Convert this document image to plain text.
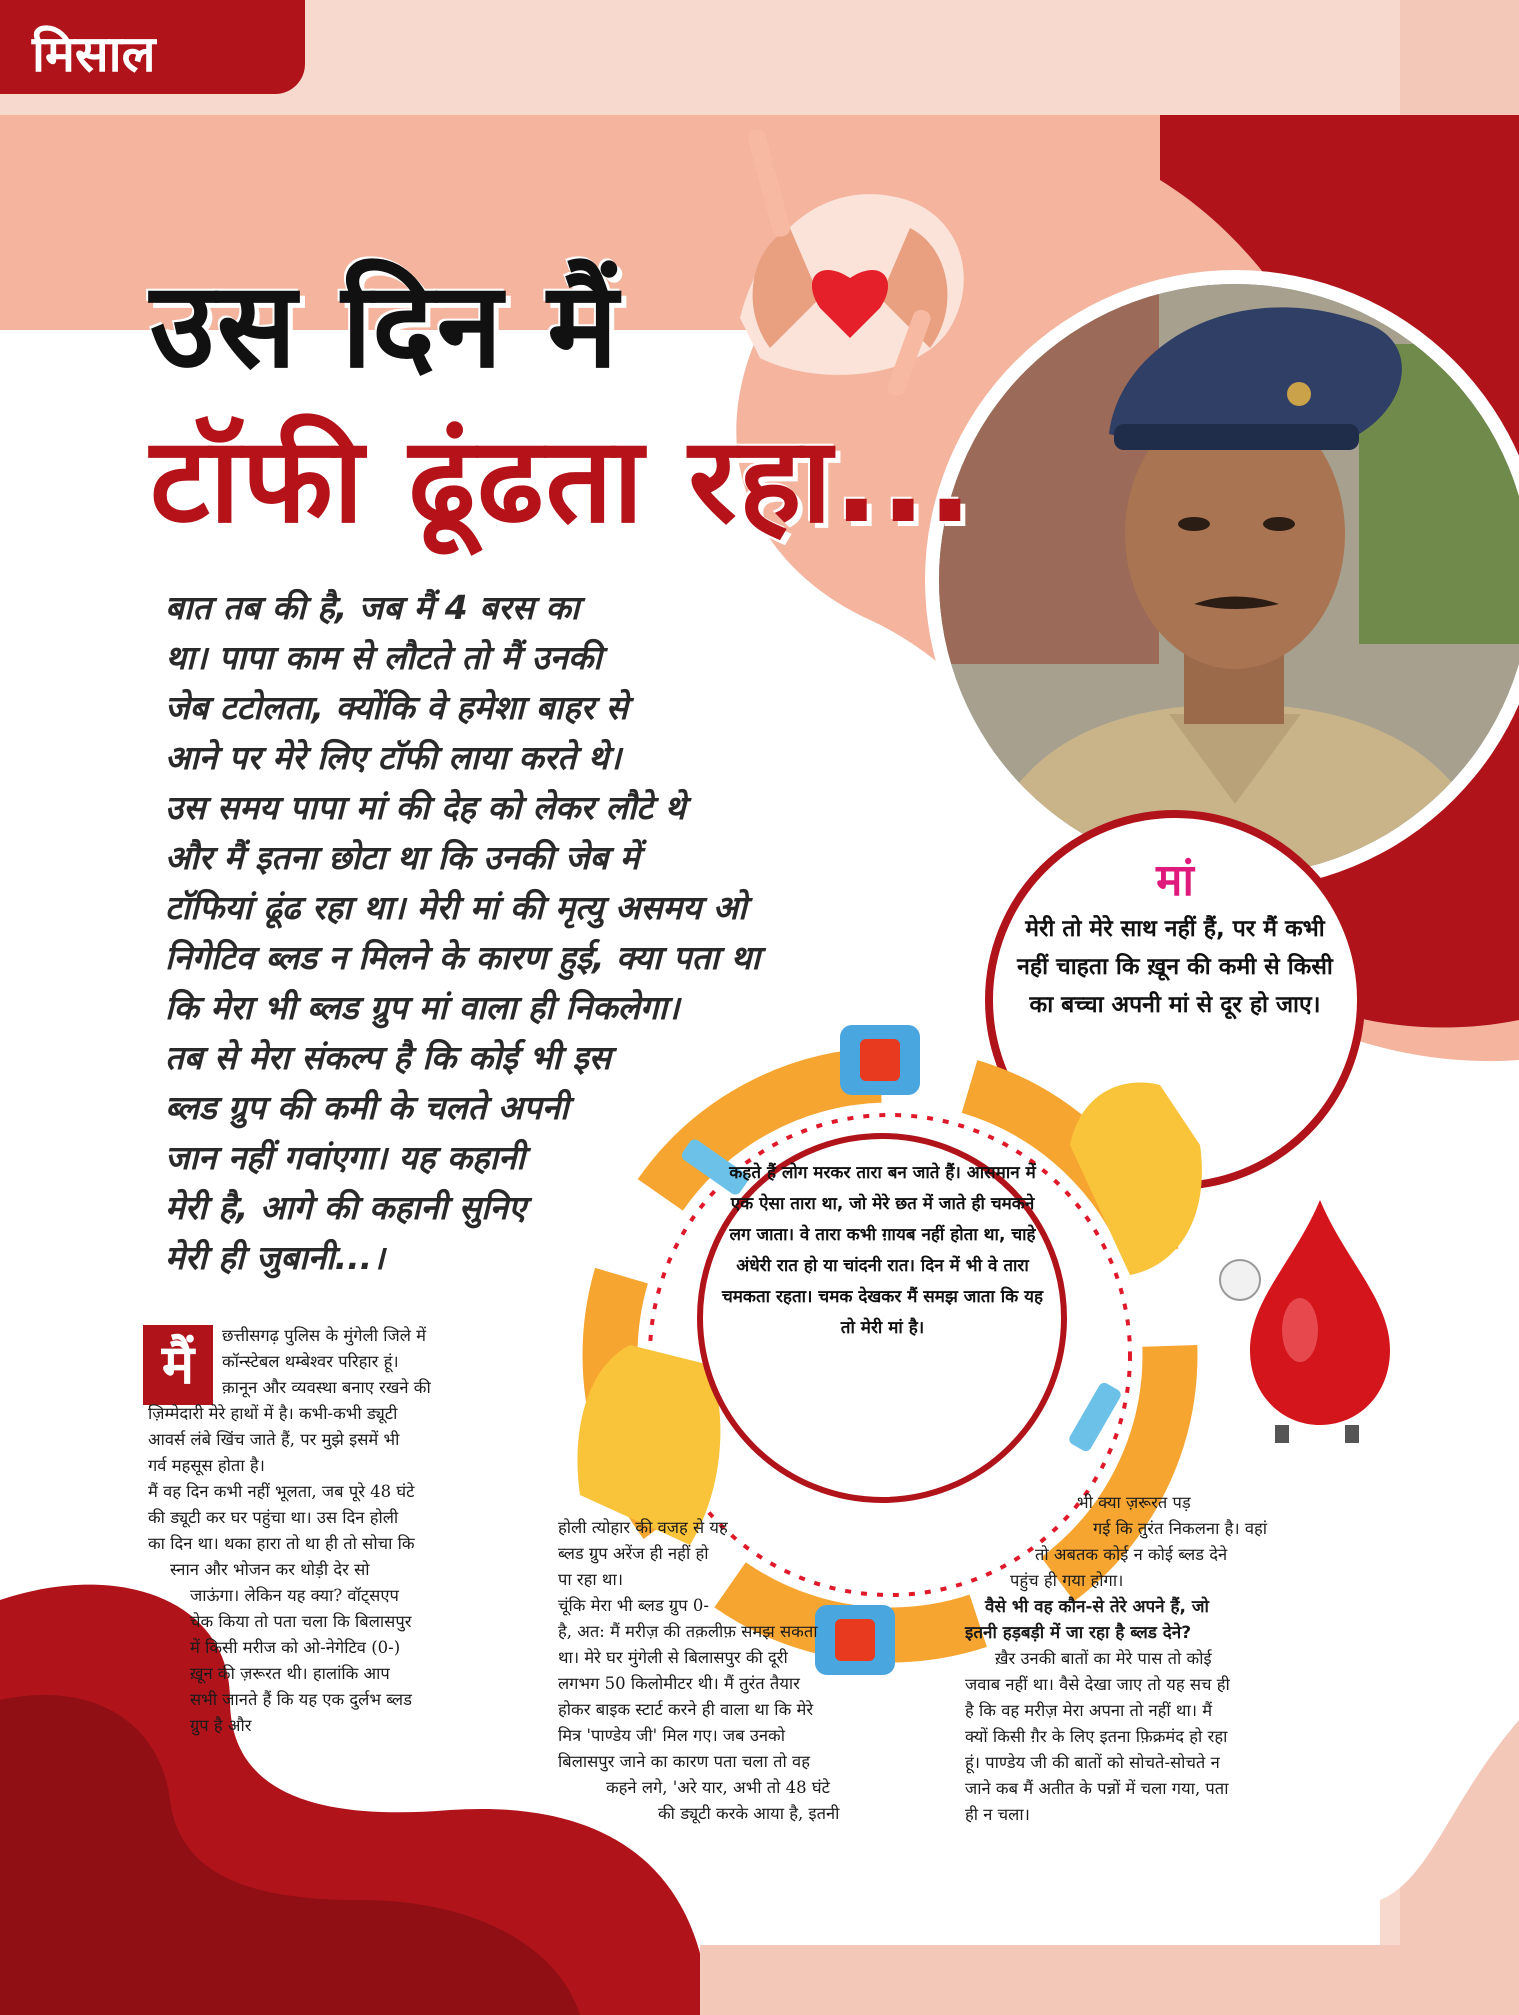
मिसाल
उस दिन मैं
टॉफी ढूंढता रहा...
बात तब की है, जब मैं 4 बरस का
था। पापा काम से लौटते तो मैं उनकी
जेब टटोलता, क्योंकि वे हमेशा बाहर से
आने पर मेरे लिए टॉफी लाया करते थे।
उस समय पापा मां की देह को लेकर लौटे थे
और मैं इतना छोटा था कि उनकी जेब में
टॉफियां ढूंढ रहा था। मेरी मां की मृत्यु असमय ओ
निगेटिव ब्लड न मिलने के कारण हुई, क्या पता था
कि मेरा भी ब्लड ग्रुप मां वाला ही निकलेगा।
तब से मेरा संकल्प है कि कोई भी इस
ब्लड ग्रुप की कमी के चलते अपनी
जान नहीं गवांएगा। यह कहानी
मेरी है, आगे की कहानी सुनिए
मेरी ही जुबानी...।
मां
मेरी तो मेरे साथ नहीं हैं, पर मैं कभी नहीं चाहता कि ख़ून की कमी से किसी का बच्चा अपनी मां से दूर हो जाए।
कहते हैं लोग मरकर तारा बन जाते हैं। आसमान में एक ऐसा तारा था, जो मेरे छत में जाते ही चमकने लग जाता। वे तारा कभी ग़ायब नहीं होता था, चाहे अंधेरी रात हो या चांदनी रात। दिन में भी वे तारा चमकता रहता। चमक देखकर मैं समझ जाता कि यह तो मेरी मां है।
मैं	छत्तीसगढ़ पुलिस के मुंगेली जिले में
कॉन्स्टेबल थम्बेश्वर परिहार हूं।
क़ानून और व्यवस्था बनाए रखने की
ज़िम्मेदारी मेरे हाथों में है। कभी-कभी ड्यूटी
आवर्स लंबे खिंच जाते हैं, पर मुझे इसमें भी
गर्व महसूस होता है।
मैं वह दिन कभी नहीं भूलता, जब पूरे 48 घंटे
की ड्यूटी कर घर पहुंचा था। उस दिन होली
का दिन था। थका हारा तो था ही तो सोचा कि
स्नान और भोजन कर थोड़ी देर सो
जाऊंगा। लेकिन यह क्या? वॉट्सएप
चेक किया तो पता चला कि बिलासपुर
में किसी मरीज को ओ-नेगेटिव (0-)
ख़ून की ज़रूरत थी। हालांकि आप
सभी जानते हैं कि यह एक दुर्लभ ब्लड
ग्रुप है और
होली त्योहार की वजह से यह
ब्लड ग्रुप अरेंज ही नहीं हो
पा रहा था।
चूंकि मेरा भी ब्लड ग्रुप 0-
है, अत: मैं मरीज़ की तक़लीफ़ समझ सकता
था। मेरे घर मुंगेली से बिलासपुर की दूरी
लगभग 50 किलोमीटर थी। मैं तुरंत तैयार
होकर बाइक स्टार्ट करने ही वाला था कि मेरे
मित्र 'पाण्डेय जी' मिल गए। जब उनको
बिलासपुर जाने का कारण पता चला तो वह
कहने लगे, 'अरे यार, अभी तो 48 घंटे
की ड्यूटी करके आया है, इतनी
भी क्या ज़रूरत पड़
गई कि तुरंत निकलना है। वहां
तो अबतक कोई न कोई ब्लड देने
पहुंच ही गया होगा।
वैसे भी वह कौन-से तेरे अपने हैं, जो
इतनी हड़बड़ी में जा रहा है ब्लड देने?
ख़ैर उनकी बातों का मेरे पास तो कोई
जवाब नहीं था। वैसे देखा जाए तो यह सच ही
है कि वह मरीज़ मेरा अपना तो नहीं था। मैं
क्यों किसी ग़ैर के लिए इतना फ़िक्रमंद हो रहा
हूं। पाण्डेय जी की बातों को सोचते-सोचते न
जाने कब मैं अतीत के पन्नों में चला गया, पता
ही न चला।
